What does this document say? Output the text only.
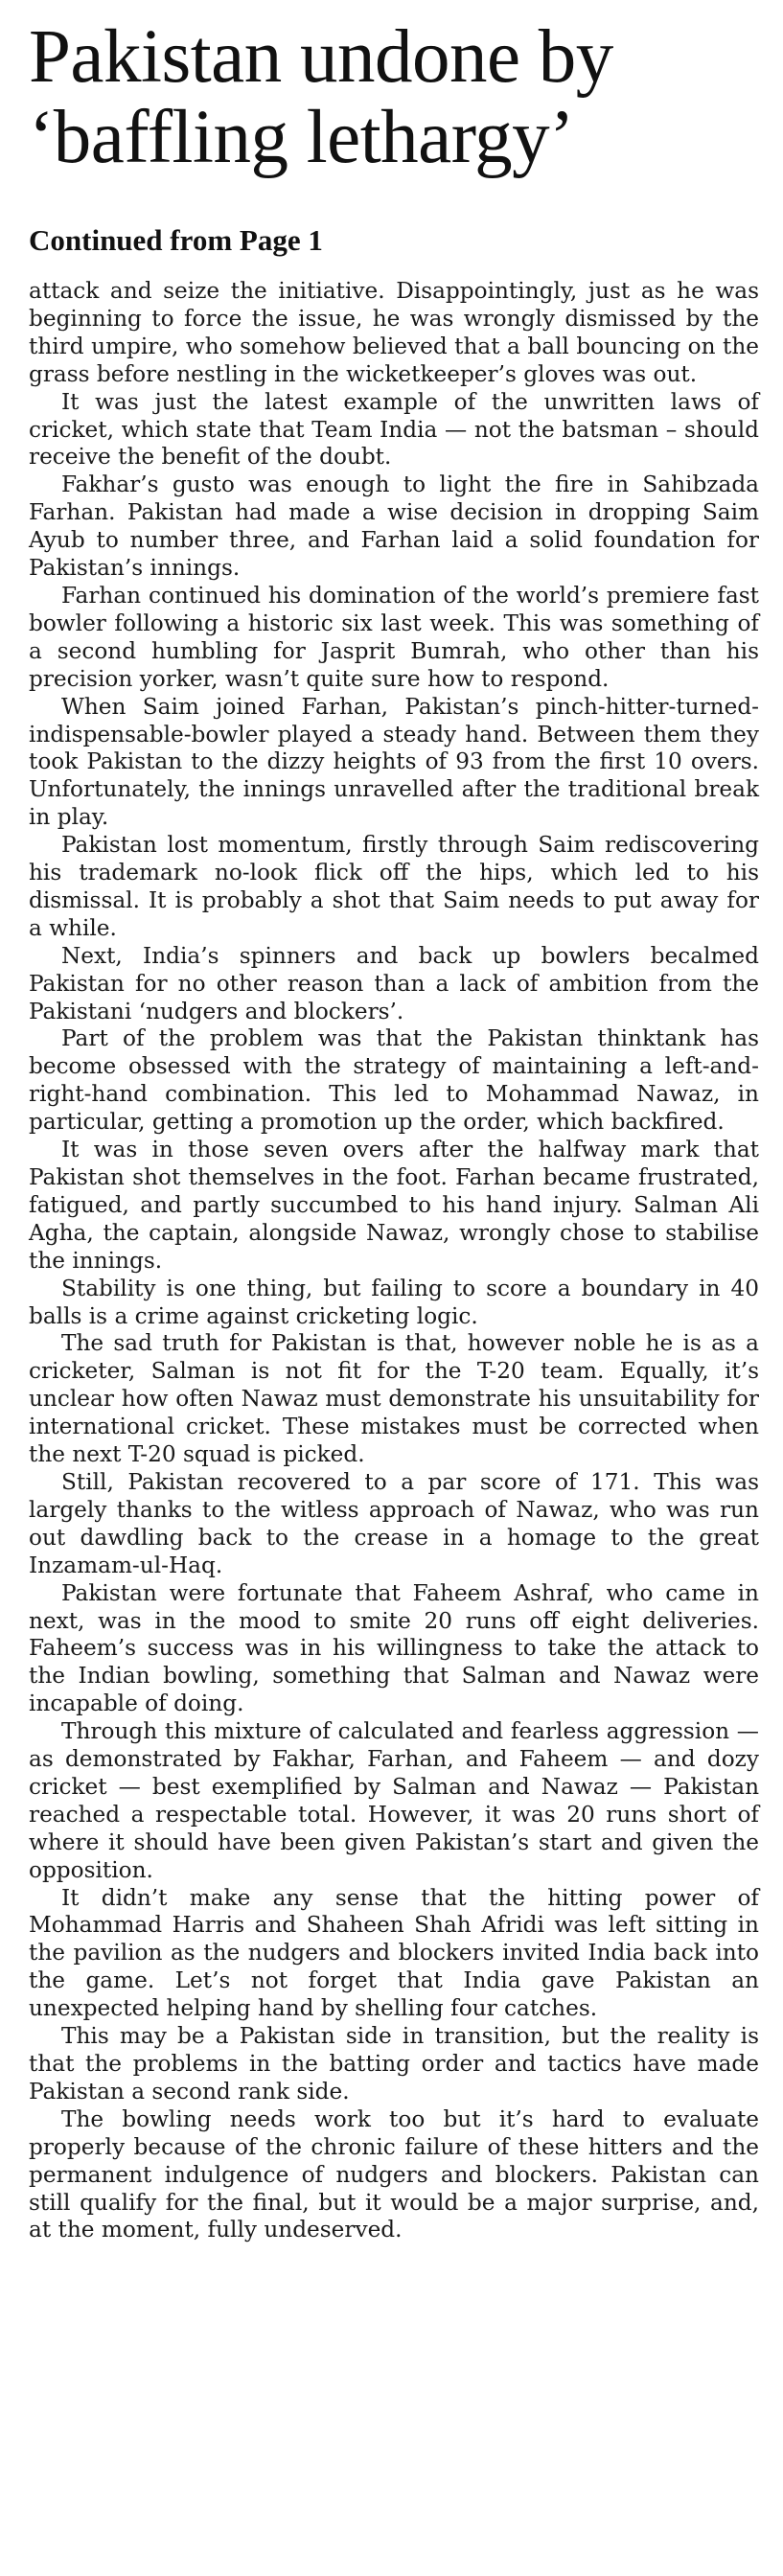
Pakistan undone by
‘baffling lethargy’
Continued from Page 1

attack and seize the initiative. Disappointingly, just as he was beginning to force the issue, he was wrongly dismissed by the third umpire, who somehow believed that a ball bouncing on the grass before nestling in the wicketkeeper’s gloves was out.

It was just the latest example of the unwritten laws of cricket, which state that Team India — not the batsman – should receive the benefit of the doubt.

Fakhar’s gusto was enough to light the fire in Sahibzada Farhan. Pakistan had made a wise decision in dropping Saim Ayub to number three, and Farhan laid a solid foundation for Pakistan’s innings.

Farhan continued his domination of the world’s premiere fast bowler following a historic six last week. This was something of a second humbling for Jasprit Bumrah, who other than his precision yorker, wasn’t quite sure how to respond.

When Saim joined Farhan, Pakistan’s pinch-hitter-turned-indispensable-bowler played a steady hand. Between them they took Pakistan to the dizzy heights of 93 from the first 10 overs. Unfortunately, the innings unravelled after the traditional break in play.

Pakistan lost momentum, firstly through Saim rediscovering his trademark no-look flick off the hips, which led to his dismissal. It is probably a shot that Saim needs to put away for a while.

Next, India’s spinners and back up bowlers becalmed Pakistan for no other reason than a lack of ambition from the Pakistani ‘nudgers and blockers’.

Part of the problem was that the Pakistan thinktank has become obsessed with the strategy of maintaining a left-and-right-hand combination. This led to Mohammad Nawaz, in particular, getting a promotion up the order, which backfired.

It was in those seven overs after the halfway mark that Pakistan shot themselves in the foot. Farhan became frustrated, fatigued, and partly succumbed to his hand injury. Salman Ali Agha, the captain, alongside Nawaz, wrongly chose to stabilise the innings.

Stability is one thing, but failing to score a boundary in 40 balls is a crime against cricketing logic.

The sad truth for Pakistan is that, however noble he is as a cricketer, Salman is not fit for the T-20 team. Equally, it’s unclear how often Nawaz must demonstrate his unsuitability for international cricket. These mistakes must be corrected when the next T-20 squad is picked.

Still, Pakistan recovered to a par score of 171. This was largely thanks to the witless approach of Nawaz, who was run out dawdling back to the crease in a homage to the great Inzamam-ul-Haq.

Pakistan were fortunate that Faheem Ashraf, who came in next, was in the mood to smite 20 runs off eight deliveries. Faheem’s success was in his willingness to take the attack to the Indian bowling, something that Salman and Nawaz were incapable of doing.

Through this mixture of calculated and fearless aggression — as demonstrated by Fakhar, Farhan, and Faheem — and dozy cricket — best exemplified by Salman and Nawaz — Pakistan reached a respectable total. However, it was 20 runs short of where it should have been given Pakistan’s start and given the opposition.

It didn’t make any sense that the hitting power of Mohammad Harris and Shaheen Shah Afridi was left sitting in the pavilion as the nudgers and blockers invited India back into the game. Let’s not forget that India gave Pakistan an unexpected helping hand by shelling four catches.

This may be a Pakistan side in transition, but the reality is that the problems in the batting order and tactics have made Pakistan a second rank side.

The bowling needs work too but it’s hard to evaluate properly because of the chronic failure of these hitters and the permanent indulgence of nudgers and blockers. Pakistan can still qualify for the final, but it would be a major surprise, and, at the moment, fully undeserved.
